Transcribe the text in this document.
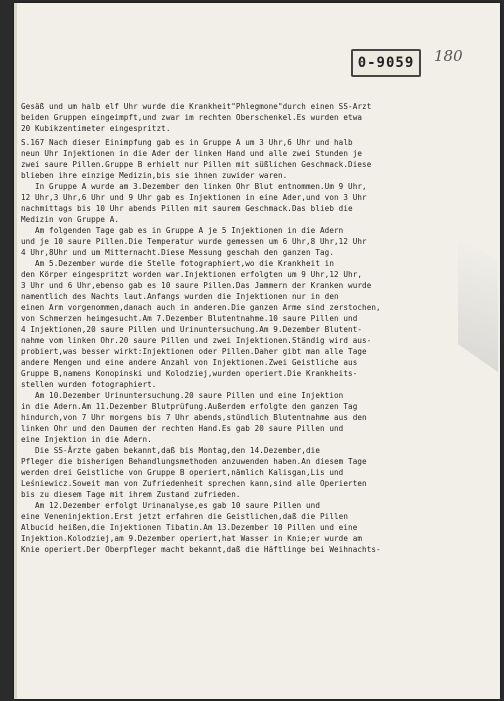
0-9059	180
Gesäß und um halb elf Uhr wurde die Krankheit"Phlegmone"durch einen SS-Arzt
beiden Gruppen eingeimpft,und zwar im rechten Oberschenkel.Es wurden etwa
20 Kubikzentimeter eingespritzt.
S.167 Nach dieser Einimpfung gab es in Gruppe A um 3 Uhr,6 Uhr und halb
neun Uhr Injektionen in die Ader der linken Hand und alle zwei Stunden je
zwei saure Pillen.Gruppe B erhielt nur Pillen mit süßlichen Geschmack.Diese
blieben ihre einzige Medizin,bis sie ihnen zuwider waren.
In Gruppe A wurde am 3.Dezember den linken Ohr Blut entnommen.Um 9 Uhr,
12 Uhr,3 Uhr,6 Uhr und 9 Uhr gab es Injektionen in eine Ader,und von 3 Uhr
nachmittags bis 10 Uhr abends Pillen mit saurem Geschmack.Das blieb die
Medizin von Gruppe A.
Am folgenden Tage gab es in Gruppe A je 5 Injektionen in die Adern
und je 10 saure Pillen.Die Temperatur wurde gemessen um 6 Uhr,8 Uhr,12 Uhr
4 Uhr,8Uhr und um Mitternacht.Diese Messung geschah den ganzen Tag.
Am 5.Dezember wurde die Stelle fotographiert,wo die Krankheit in
den Körper eingespritzt worden war.Injektionen erfolgten um 9 Uhr,12 Uhr,
3 Uhr und 6 Uhr,ebenso gab es 10 saure Pillen.Das Jammern der Kranken wurde
namentlich des Nachts laut.Anfangs wurden die Injektionen nur in den
einen Arm vorgenommen,danach auch in anderen.Die ganzen Arme sind zerstochen,
von Schmerzen heimgesucht.Am 7.Dezember Blutentnahme.10 saure Pillen und
4 Injektionen,20 saure Pillen und Urinuntersuchung.Am 9.Dezember Blutent-
nahme vom linken Ohr.20 saure Pillen und zwei Injektionen.Ständig wird aus-
probiert,was besser wirkt:Injektionen oder Pillen.Daher gibt man alle Tage
andere Mengen und eine andere Anzahl von Injektionen.Zwei Geistliche aus
Gruppe B,namens Konopinski und Kolodziej,wurden operiert.Die Krankheits-
stellen wurden fotographiert.
Am 10.Dezember Urinuntersuchung.20 saure Pillen und eine Injektion
in die Adern.Am 11.Dezember Blutprüfung.Außerdem erfolgte den ganzen Tag
hindurch,von 7 Uhr morgens bis 7 Uhr abends,stündlich Blutentnahme aus den
linken Ohr und den Daumen der rechten Hand.Es gab 20 saure Pillen und
eine Injektion in die Adern.
Die SS-Ärzte gaben bekannt,daß bis Montag,den 14.Dezember,die
Pfleger die bisherigen Behandlungsmethoden anzuwenden haben.An diesem Tage
werden drei Geistliche von Gruppe B operiert,nämlich Kalisgan,Lis und
Leśniewicz.Soweit man von Zufriedenheit sprechen kann,sind alle Operierten
bis zu diesem Tage mit ihrem Zustand zufrieden.
Am 12.Dezember erfolgt Urinanalyse,es gab 10 saure Pillen und
eine Veneninjektion.Erst jetzt erfahren die Geistlichen,daß die Pillen
Albucid heißen,die Injektionen Tibatin.Am 13.Dezember 10 Pillen und eine
Injektion.Kolodziej,am 9.Dezember operiert,hat Wasser in Knie;er wurde am
Knie operiert.Der Oberpfleger macht bekannt,daß die Häftlinge bei Weihnachts-
